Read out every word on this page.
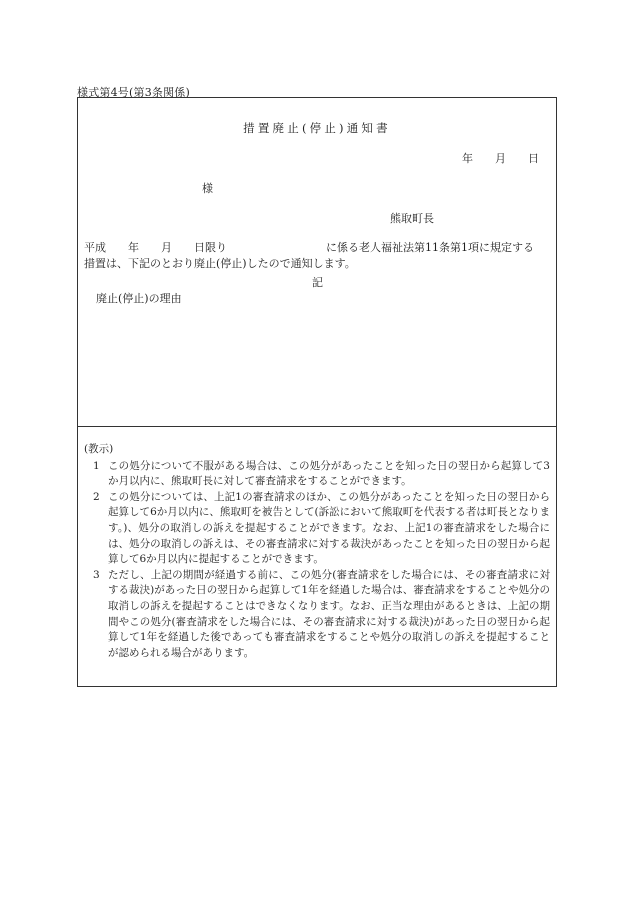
様式第4号(第3条関係)
措置廃止(停止)通知書
年　　月　　日
様
熊取町長
平成　　年　　月　　日限り　　　　　　　　　に係る老人福祉法第11条第1項に規定する
措置は、下記のとおり廃止(停止)したので通知します。
記
廃止(停止)の理由
(教示)
1 この処分について不服がある場合は、この処分があったことを知った日の翌日から起算して3か月以内に、熊取町長に対して審査請求をすることができます。
2 この処分については、上記1の審査請求のほか、この処分があったことを知った日の翌日から起算して6か月以内に、熊取町を被告として(訴訟において熊取町を代表する者は町長となります。)、処分の取消しの訴えを提起することができます。なお、上記1の審査請求をした場合には、処分の取消しの訴えは、その審査請求に対する裁決があったことを知った日の翌日から起算して6か月以内に提起することができます。
3 ただし、上記の期間が経過する前に、この処分(審査請求をした場合には、その審査請求に対する裁決)があった日の翌日から起算して1年を経過した場合は、審査請求をすることや処分の取消しの訴えを提起することはできなくなります。なお、正当な理由があるときは、上記の期間やこの処分(審査請求をした場合には、その審査請求に対する裁決)があった日の翌日から起算して1年を経過した後であっても審査請求をすることや処分の取消しの訴えを提起することが認められる場合があります。
